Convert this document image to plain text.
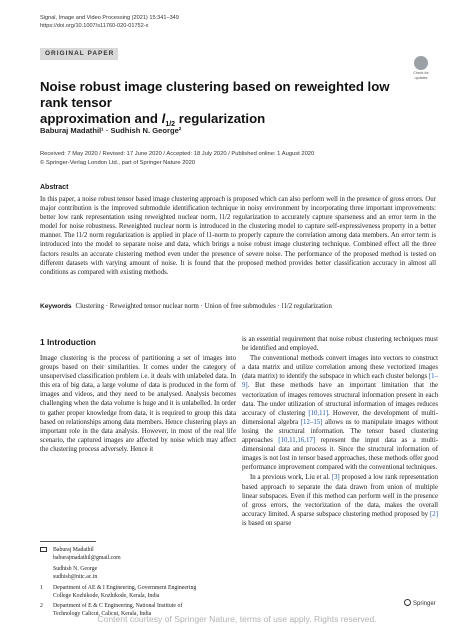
Signal, Image and Video Processing (2021) 15:341–349
https://doi.org/10.1007/s11760-020-01752-x
ORIGINAL PAPER
Check for
updates
Noise robust image clustering based on reweighted low rank tensor
approximation and $l_{1/2}$ regularization
Baburaj Madathil¹ · Sudhish N. George²
Received: 7 May 2020 / Revised: 17 June 2020 / Accepted: 18 July 2020 / Published online: 1 August 2020
© Springer-Verlag London Ltd., part of Springer Nature 2020
Abstract
In this paper, a noise robust tensor based image clustering approach is proposed which can also perform well in the presence of gross errors. Our major contribution is the improved submodule identification technique in noisy environment by incorporating three important improvements: better low rank representation using reweighted nuclear norm, l1/2 regularization to accurately capture sparseness and an error term in the model for noise robustness. Reweighted nuclear norm is introduced in the clustering model to capture self-expressiveness property in a better manner. The l1/2 norm regularization is applied in place of l1-norm to properly capture the correlation among data members. An error term is introduced into the model to separate noise and data, which brings a noise robust image clustering technique. Combined effect all the three factors results an accurate clustering method even under the presence of severe noise. The performance of the proposed method is tested on different datasets with varying amount of noise. It is found that the proposed method provides better classification accuracy in almost all conditions as compared with existing methods.
Keywords Clustering · Reweighted tensor nuclear norm · Union of free submodules · l1/2 regularization
1 Introduction

Image clustering is the process of partitioning a set of images into groups based on their similarities. It comes under the category of unsupervised classification problem i.e. it deals with unlabeled data. In this era of big data, a large volume of data is produced in the form of images and videos, and they need to be analysed. Analysis becomes challenging when the data volume is huge and it is unlabelled. In order to gather proper knowledge from data, it is required to group this data based on relationships among data members. Hence clustering plays an important role in the data analysis. However, in most of the real life scenario, the captured images are affected by noise which may affect the clustering process adversely. Hence it

is an essential requirement that noise robust clustering techniques must be identified and employed.

The conventional methods convert images into vectors to construct a data matrix and utilize correlation among these vectorized images (data matrix) to identify the subspace in which each cluster belongs [1–9]. But these methods have an important limitation that the vectorization of images removes structural information present in each data. The under utilization of structural information of images reduces accuracy of clustering [10,11]. However, the development of multi-dimensional algebra [12–15] allows us to manipulate images without losing the structural information. The tensor based clustering approaches [10,11,16,17] represent the input data as a multi-dimensional data and process it. Since the structural information of images is not lost in tensor based approaches, these methods offer good performance improvement compared with the conventional techniques.

In a previous work, Liu et al. [3] proposed a low rank representation based approach to separate the data drawn from union of multiple linear subspaces. Even if this method can perform well in the presence of gross errors, the vectorization of the data, makes the overall accuracy limited. A sparse subspace clustering method proposed by [2] is based on sparse

Baburaj Madathil
baburajmadathil@gmail.com
Sudhish N. George
sudhish@nitc.ac.in
1 Department of AE & I Engineering, Government Engineering
College Kozhikode, Kozhikode, Kerala, India
2 Department of E & C Engineering, National Institute of
Technology Calicut, Calicut, Kerala, India
Springer
Content courtesy of Springer Nature, terms of use apply. Rights reserved.
